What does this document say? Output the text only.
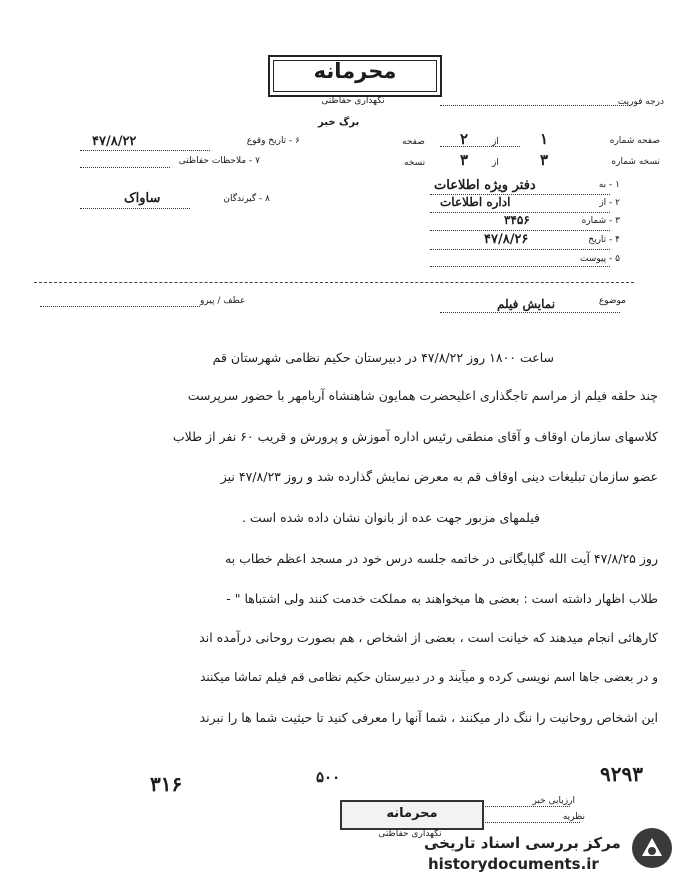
محرمانه
نگهداری حفاظتی	درجه فوریت
برگ خبر
صفحه شماره
۱
از
۲
صفحه
نسخه شماره
۳
از
۳
نسخه
۱ - به
دفتر ویژه اطلاعات
۲ - از
اداره اطلاعات
۳ - شماره
۳۴۵۶
۴ - تاریخ
۴۷/۸/۲۶
۵ - پیوست
۶ - تاریخ وقوع
۴۷/۸/۲۲
۷ - ملاحظات حفاظتی
۸ - گیرندگان
ساواک
موضوع
نمایش فیلم
عطف / پیرو
ساعت ۱۸۰۰ روز ۴۷/۸/۲۲ در دبیرستان حکیم نظامی شهرستان قم
چند حلقه فیلم از مراسم تاجگذاری اعلیحضرت همایون شاهنشاه آریامهر با حضور سرپرست
کلاسهای سازمان اوقاف و آقای منطقی رئیس اداره آموزش و پرورش و قریب ۶۰ نفر از طلاب
عضو سازمان تبلیغات دینی اوقاف قم به معرض نمایش گذارده شد و روز ۴۷/۸/۲۳ نیز
فیلمهای مزبور جهت عده از بانوان نشان داده شده است .
روز ۴۷/۸/۲۵ آیت الله گلپایگانی در خاتمه جلسه درس خود در مسجد اعظم خطاب به
طلاب اظهار داشته است : بعضی ها میخواهند به مملکت خدمت کنند ولی اشتباها " -
کارهائی انجام میدهند که خیانت است ، بعضی از اشخاص ، هم بصورت روحانی درآمده اند
و در بعضی جاها اسم نویسی کرده و میآیند و در دبیرستان حکیم نظامی قم فیلم تماشا میکنند
این اشخاص روحانیت را ننگ دار میکنند ، شما آنها را معرفی کنید تا حیثیت شما ها را نبرند
۹۲۹۳
۳۱۶	۵۰۰
ارزیابی خبر
نظریه
محرمانه
نگهداری حفاظتی
مرکز بررسی اسناد تاریخی
historydocuments.ir
